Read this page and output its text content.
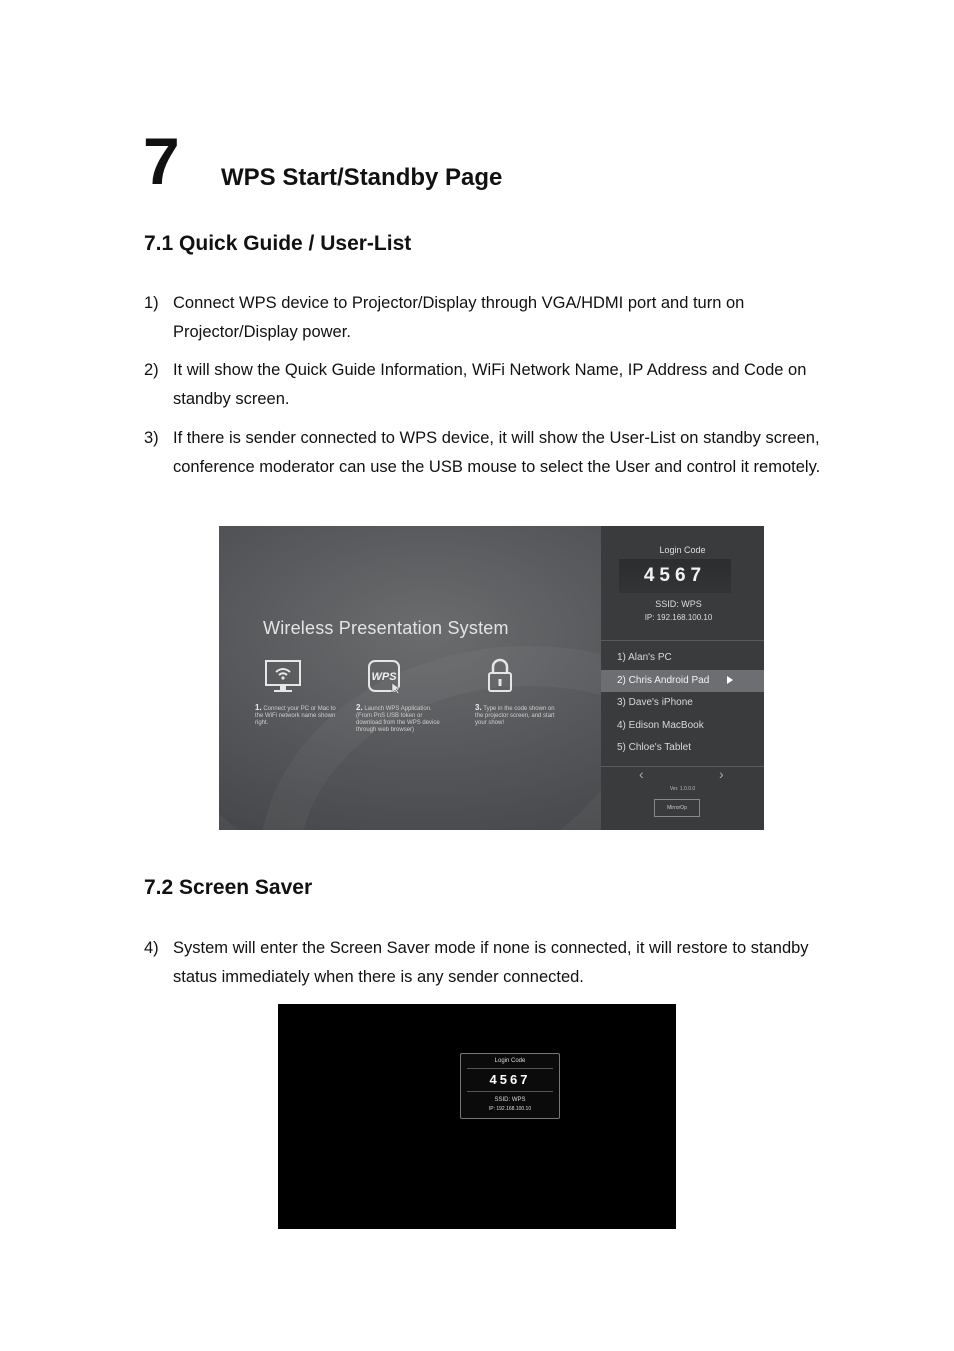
7	WPS Start/Standby Page
7.1 Quick Guide / User-List
1) Connect WPS device to Projector/Display through VGA/HDMI port and turn on Projector/Display power.
2) It will show the Quick Guide Information, WiFi Network Name, IP Address and Code on standby screen.
3) If there is sender connected to WPS device, it will show the User-List on standby screen, conference moderator can use the USB mouse to select the User and control it remotely.
Wireless Presentation System
1. Connect your PC or Mac to the WiFi network name shown right.
WPS
2. Launch WPS Application. (From PnS USB token or download from the WPS device through web browser)
3. Type in the code shown on the projector screen, and start your show!
Login Code
4567
SSID: WPS
IP: 192.168.100.10
1) Alan's PC
2) Chris Android Pad
3) Dave's iPhone
4) Edison MacBook
5) Chloe's Tablet
‹	›
Ver. 1.0.0.0
MirrorOp
7.2 Screen Saver
4) System will enter the Screen Saver mode if none is connected, it will restore to standby status immediately when there is any sender connected.
Login Code
4567
SSID: WPS
IP: 192.168.100.10
